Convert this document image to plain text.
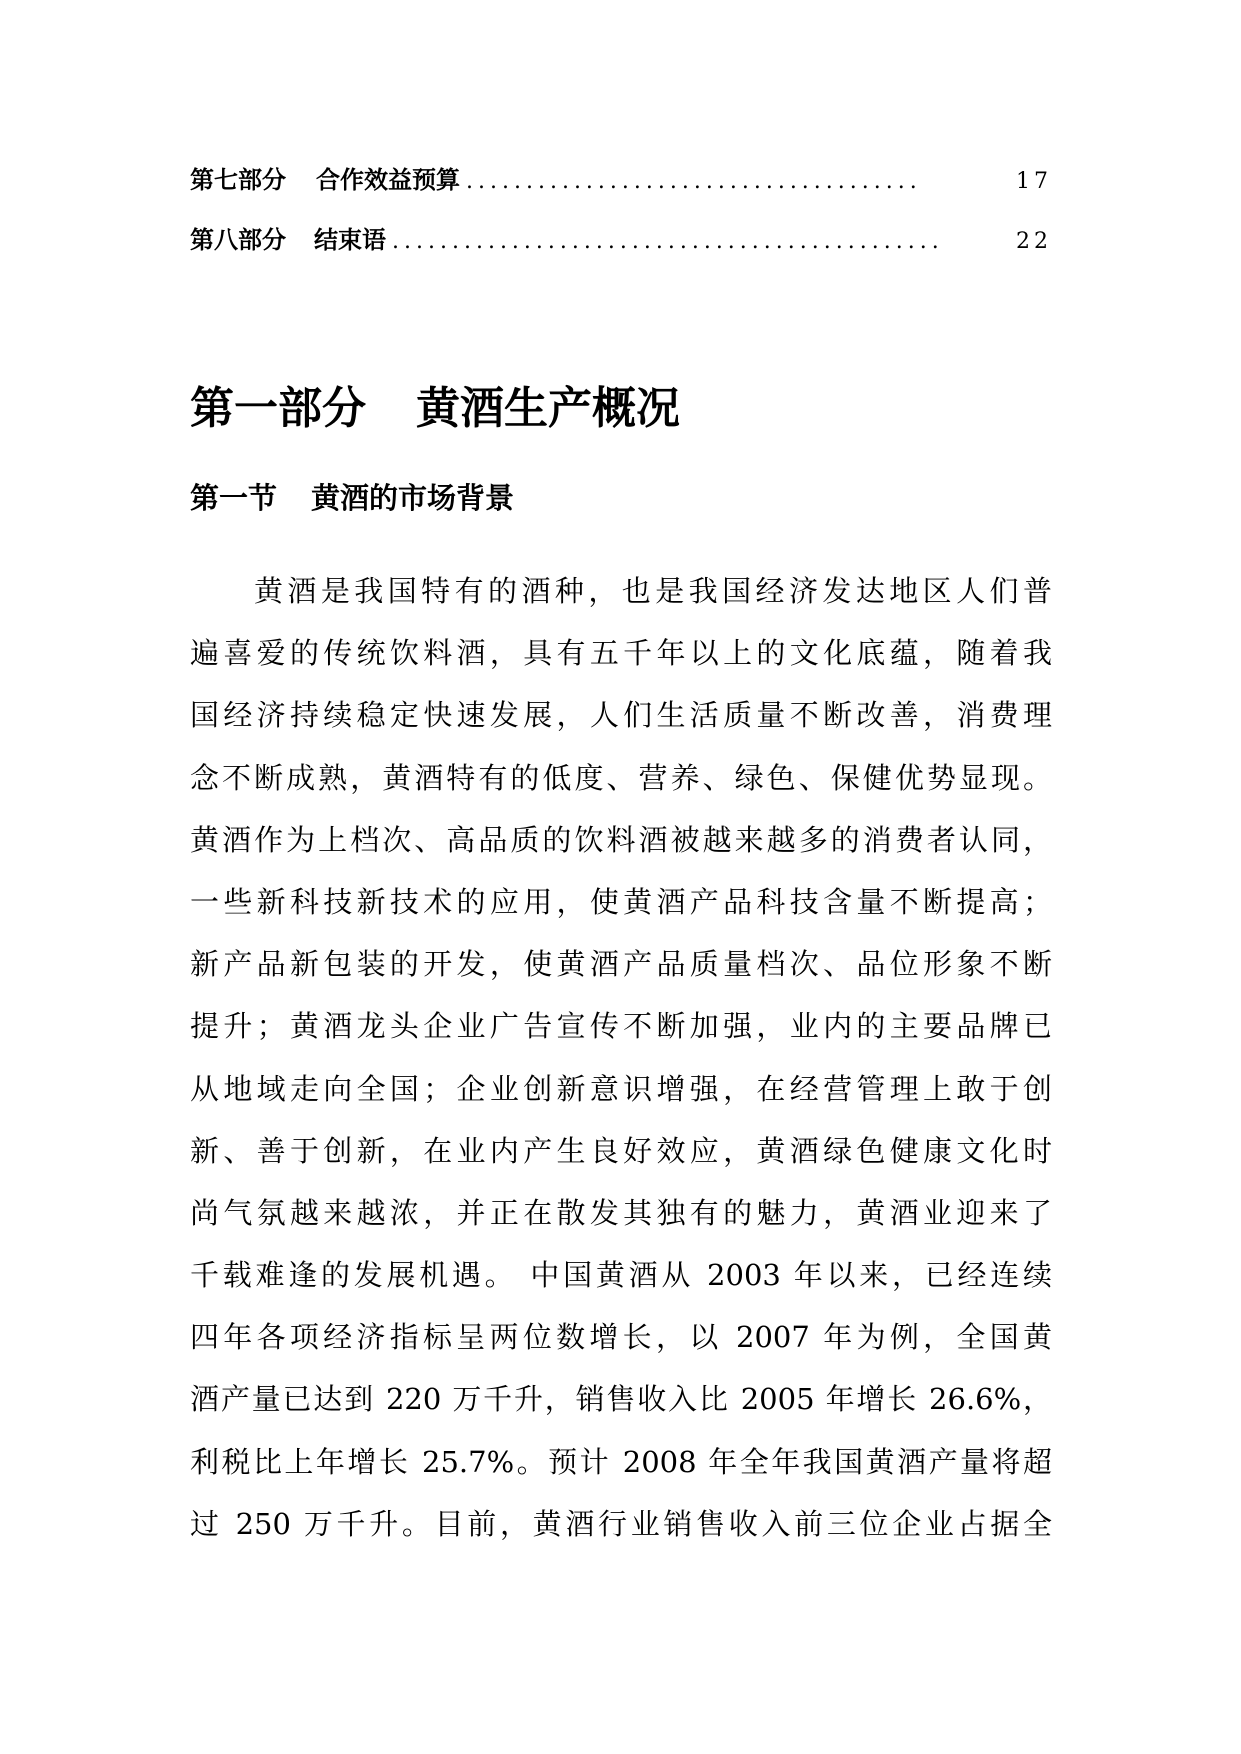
第七部分 合作效益预算 ......................................	17
第八部分 结束语 ..............................................	22
第一部分 黄酒生产概况
第一节 黄酒的市场背景
黄酒是我国特有的酒种，也是我国经济发达地区人们普
遍喜爱的传统饮料酒，具有五千年以上的文化底蕴，随着我
国经济持续稳定快速发展，人们生活质量不断改善，消费理
念不断成熟，黄酒特有的低度、营养、绿色、保健优势显现。
黄酒作为上档次、高品质的饮料酒被越来越多的消费者认同，
一些新科技新技术的应用，使黄酒产品科技含量不断提高；
新产品新包装的开发，使黄酒产品质量档次、品位形象不断
提升；黄酒龙头企业广告宣传不断加强，业内的主要品牌已
从地域走向全国；企业创新意识增强，在经营管理上敢于创
新、善于创新，在业内产生良好效应，黄酒绿色健康文化时
尚气氛越来越浓，并正在散发其独有的魅力，黄酒业迎来了
千载难逢的发展机遇。 中国黄酒从 2003 年以来，已经连续
四年各项经济指标呈两位数增长，以 2007 年为例，全国黄
酒产量已达到 220 万千升，销售收入比 2005 年增长 26.6%，
利税比上年增长 25.7%。预计 2008 年全年我国黄酒产量将超
过 250 万千升。目前，黄酒行业销售收入前三位企业占据全
